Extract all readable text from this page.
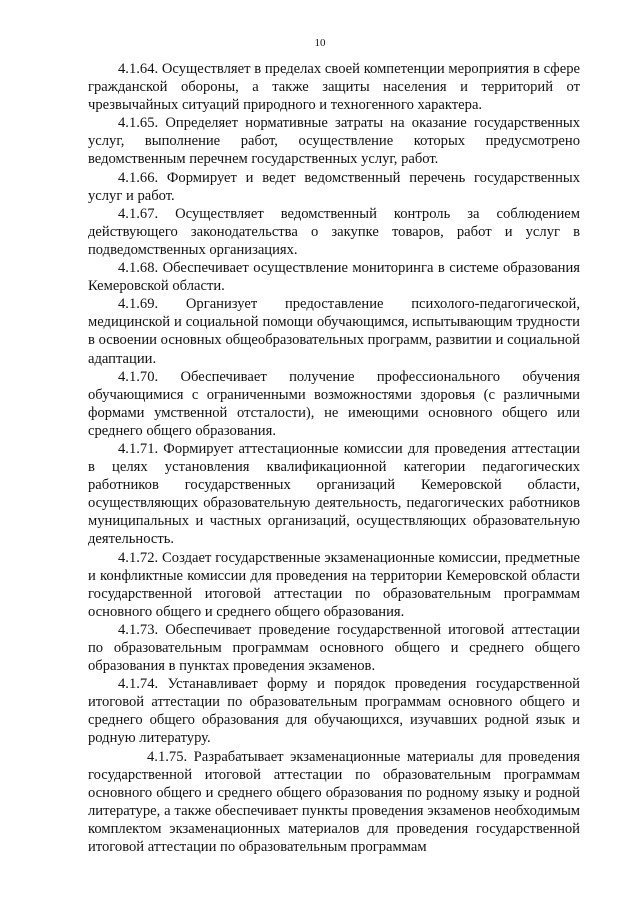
10

4.1.64. Осуществляет в пределах своей компетенции мероприятия в сфере гражданской обороны, а также защиты населения и территорий от чрезвычайных ситуаций природного и техногенного характера.

4.1.65. Определяет нормативные затраты на оказание государственных услуг, выполнение работ, осуществление которых предусмотрено ведомственным перечнем государственных услуг, работ.

4.1.66. Формирует и ведет ведомственный перечень государственных услуг и работ.

4.1.67. Осуществляет ведомственный контроль за соблюдением действующего законодательства о закупке товаров, работ и услуг в подведомственных организациях.

4.1.68. Обеспечивает осуществление мониторинга в системе образования Кемеровской области.

4.1.69. Организует предоставление психолого-педагогической, медицинской и социальной помощи обучающимся, испытывающим трудности в освоении основных общеобразовательных программ, развитии и социальной адаптации.

4.1.70. Обеспечивает получение профессионального обучения обучающимися с ограниченными возможностями здоровья (с различными формами умственной отсталости), не имеющими основного общего или среднего общего образования.

4.1.71. Формирует аттестационные комиссии для проведения аттестации в целях установления квалификационной категории педагогических работников государственных организаций Кемеровской области, осуществляющих образовательную деятельность, педагогических работников муниципальных и частных организаций, осуществляющих образовательную деятельность.

4.1.72. Создает государственные экзаменационные комиссии, предметные и конфликтные комиссии для проведения на территории Кемеровской области государственной итоговой аттестации по образовательным программам основного общего и среднего общего образования.

4.1.73. Обеспечивает проведение государственной итоговой аттестации по образовательным программам основного общего и среднего общего образования в пунктах проведения экзаменов.

4.1.74. Устанавливает форму и порядок проведения государственной итоговой аттестации по образовательным программам основного общего и среднего общего образования для обучающихся, изучавших родной язык и родную литературу.

4.1.75. Разрабатывает экзаменационные материалы для проведения государственной итоговой аттестации по образовательным программам основного общего и среднего общего образования по родному языку и родной литературе, а также обеспечивает пункты проведения экзаменов необходимым комплектом экзаменационных материалов для проведения государственной итоговой аттестации по образовательным программам
